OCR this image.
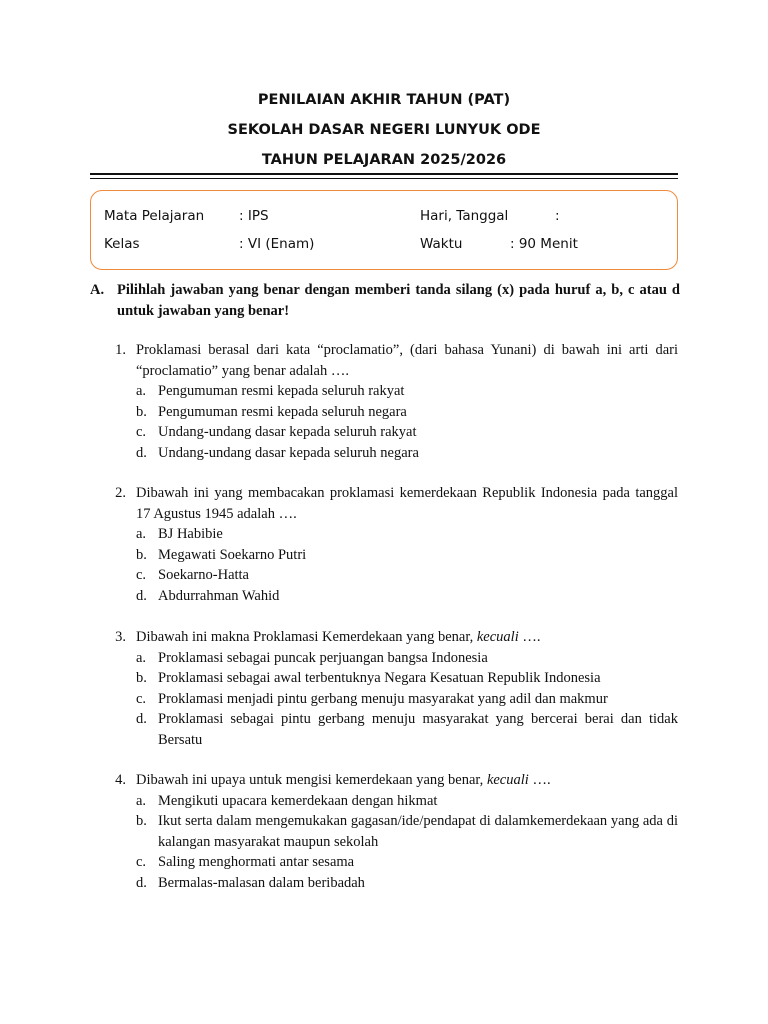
PENILAIAN AKHIR TAHUN (PAT)
SEKOLAH DASAR NEGERI LUNYUK ODE
TAHUN PELAJARAN 2025/2026
Mata Pelajaran	: IPS	Hari, Tanggal	:
Kelas	: VI (Enam)	Waktu	: 90 Menit
A. Pilihlah jawaban yang benar dengan memberi tanda silang (x) pada huruf a, b, c atau d untuk jawaban yang benar!
1. Proklamasi berasal dari kata “proclamatio”, (dari bahasa Yunani) di bawah ini arti dari “proclamatio” yang benar adalah ….
a. Pengumuman resmi kepada seluruh rakyat
b. Pengumuman resmi kepada seluruh negara
c. Undang-undang dasar kepada seluruh rakyat
d. Undang-undang dasar kepada seluruh negara
2. Dibawah ini yang membacakan proklamasi kemerdekaan Republik Indonesia pada tanggal 17 Agustus 1945 adalah ….
a. BJ Habibie
b. Megawati Soekarno Putri
c. Soekarno-Hatta
d. Abdurrahman Wahid
3. Dibawah ini makna Proklamasi Kemerdekaan yang benar, kecuali ….
a. Proklamasi sebagai puncak perjuangan bangsa Indonesia
b. Proklamasi sebagai awal terbentuknya Negara Kesatuan Republik Indonesia
c. Proklamasi menjadi pintu gerbang menuju masyarakat yang adil dan makmur
d. Proklamasi sebagai pintu gerbang menuju masyarakat yang bercerai berai dan tidak Bersatu
4. Dibawah ini upaya untuk mengisi kemerdekaan yang benar, kecuali ….
a. Mengikuti upacara kemerdekaan dengan hikmat
b. Ikut serta dalam mengemukakan gagasan/ide/pendapat di dalamkemerdekaan yang ada di kalangan masyarakat maupun sekolah
c. Saling menghormati antar sesama
d. Bermalas-malasan dalam beribadah
